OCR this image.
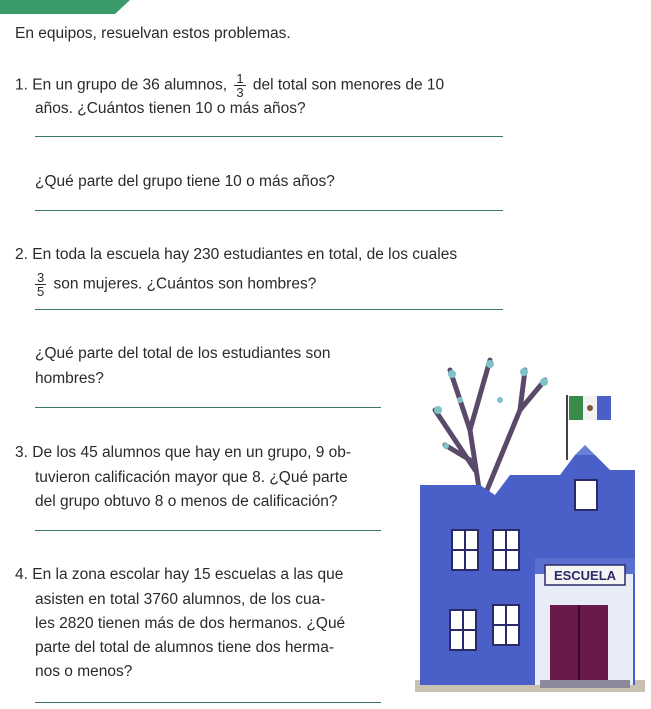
En equipos, resuelvan estos problemas.
1. En un grupo de 36 alumnos, $\frac{1}{3}$ del total son menores de 10
años. ¿Cuántos tienen 10 o más años?
¿Qué parte del grupo tiene 10 o más años?
2. En toda la escuela hay 230 estudiantes en total, de los cuales
$\frac{3}{5}$ son mujeres. ¿Cuántos son hombres?
¿Qué parte del total de los estudiantes son
hombres?
3. De los 45 alumnos que hay en un grupo, 9 ob-
tuvieron calificación mayor que 8. ¿Qué parte
del grupo obtuvo 8 o menos de calificación?
4. En la zona escolar hay 15 escuelas a las que
asisten en total 3760 alumnos, de los cua-
les 2820 tienen más de dos hermanos. ¿Qué
parte del total de alumnos tiene dos herma-
nos o menos?
ESCUELA
